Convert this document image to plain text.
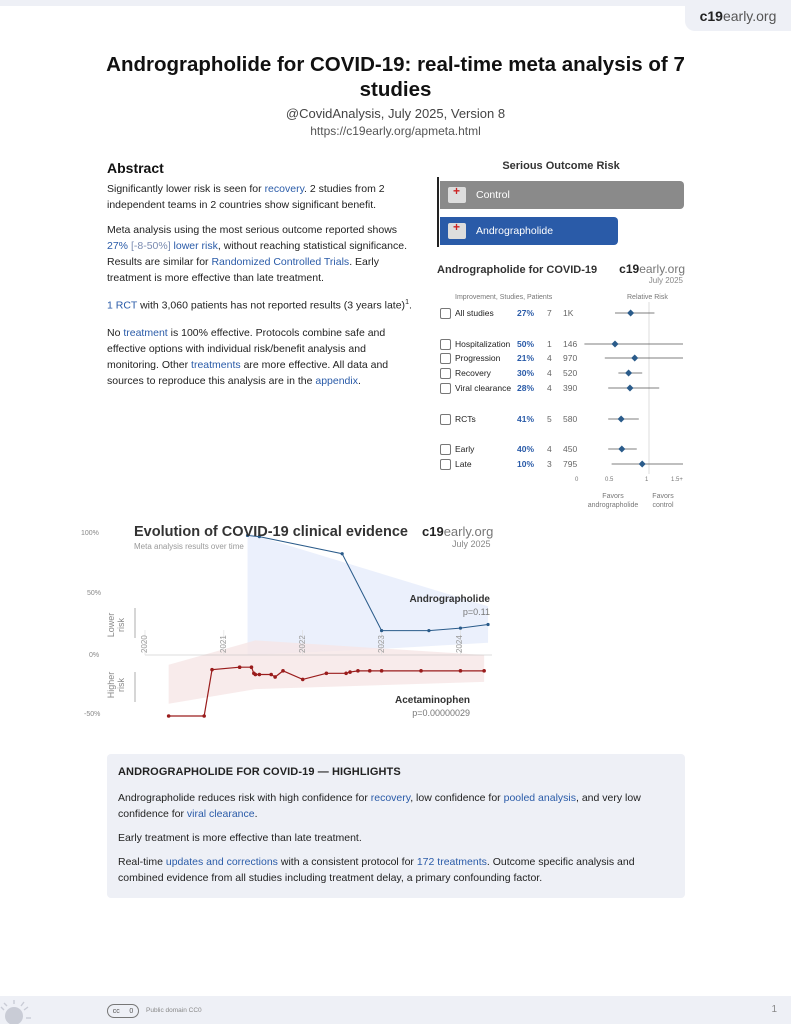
c19 early.org
Andrographolide for COVID-19: real-time meta analysis of 7 studies
@CovidAnalysis, July 2025, Version 8
https://c19early.org/apmeta.html
Abstract

Significantly lower risk is seen for recovery. 2 studies from 2 independent teams in 2 countries show significant benefit.

Meta analysis using the most serious outcome reported shows 27% [-8-50%] lower risk, without reaching statistical significance. Results are similar for Randomized Controlled Trials. Early treatment is more effective than late treatment.

1 RCT with 3,060 patients has not reported results (3 years late)$^1$.

No treatment is 100% effective. Protocols combine safe and effective options with individual risk/benefit analysis and monitoring. Other treatments are more effective. All data and sources to reproduce this analysis are in the appendix.

Serious Outcome Risk
+
Control
+
Andrographolide
Andrographolide for COVID-19 c19early.org
July 2025
Improvement, Studies, Patients	Relative Risk
All studies	27% 7 1K
Hospitalization 50% 1 146
Progression 21% 4 970
Recovery	30% 4 520
Viral clearance 28% 4 390
RCTs	41% 5 580
Early	40% 4 450
Late	10% 3 795
0	0.5	1	1.5+
Favors andrographolide
Favors control
Evolution of COVID-19 clinical evidence
Meta analysis results over time
c19early.org
July 2025
100%
50%
0%
-50%
Lower risk
Higher risk
2020	2021	2022	2023	2024
Andrographolide
p=0.11
Acetaminophen
p=0.00000029
ANDROGRAPHOLIDE FOR COVID-19 — HIGHLIGHTS

Andrographolide reduces risk with high confidence for recovery, low confidence for pooled analysis, and very low confidence for viral clearance.

Early treatment is more effective than late treatment.

Real-time updates and corrections with a consistent protocol for 172 treatments. Outcome specific analysis and combined evidence from all studies including treatment delay, a primary confounding factor.

cc 0 Public domain CC0	1
